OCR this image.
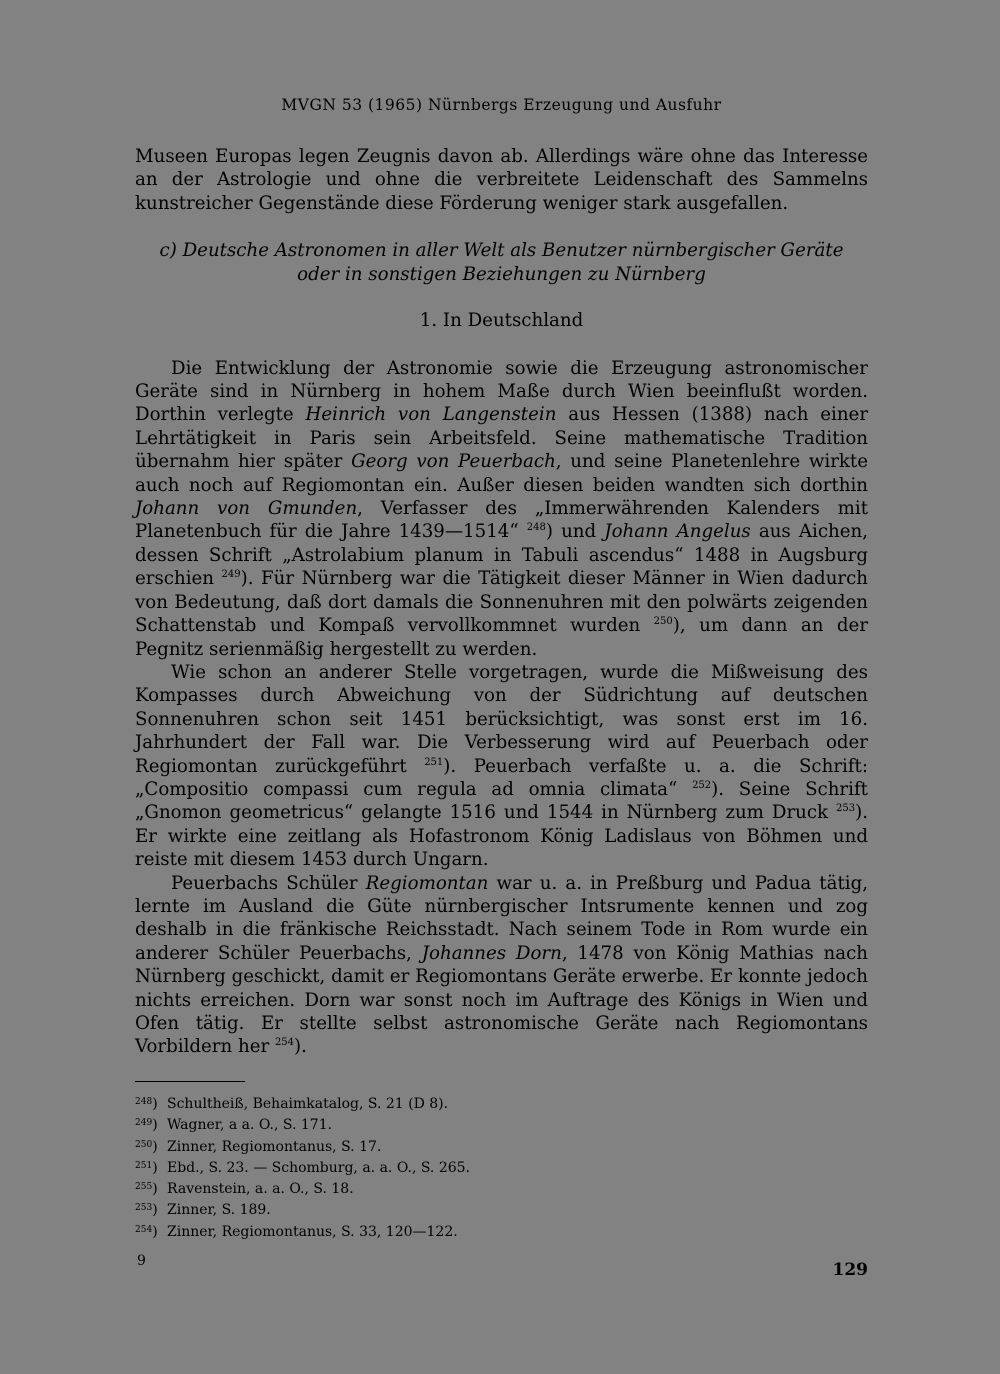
MVGN 53 (1965) Nürnbergs Erzeugung und Ausfuhr

Museen Europas legen Zeugnis davon ab. Allerdings wäre ohne das Interesse an der Astrologie und ohne die verbreitete Leidenschaft des Sammelns kunstreicher Gegenstände diese Förderung weniger stark ausgefallen.

c) Deutsche Astronomen in aller Welt als Benutzer nürnbergischer Geräte
oder in sonstigen Beziehungen zu Nürnberg
1. In Deutschland

Die Entwicklung der Astronomie sowie die Erzeugung astronomischer Geräte sind in Nürnberg in hohem Maße durch Wien beeinflußt worden. Dorthin verlegte Heinrich von Langenstein aus Hessen (1388) nach einer Lehrtätigkeit in Paris sein Arbeitsfeld. Seine mathematische Tradition übernahm hier später Georg von Peuerbach, und seine Planetenlehre wirkte auch noch auf Regiomontan ein. Außer diesen beiden wandten sich dorthin Johann von Gmunden, Verfasser des „Immerwährenden Kalenders mit Planetenbuch für die Jahre 1439—1514“ $^{248}$) und Johann Angelus aus Aichen, dessen Schrift „Astrolabium planum in Tabuli ascendus“ 1488 in Augsburg erschien $^{249}$). Für Nürnberg war die Tätigkeit dieser Männer in Wien dadurch von Bedeutung, daß dort damals die Sonnenuhren mit den polwärts zeigenden Schattenstab und Kompaß vervollkommnet wurden $^{250}$), um dann an der Pegnitz serienmäßig hergestellt zu werden.

Wie schon an anderer Stelle vorgetragen, wurde die Mißweisung des Kompasses durch Abweichung von der Südrichtung auf deutschen Sonnenuhren schon seit 1451 berücksichtigt, was sonst erst im 16. Jahrhundert der Fall war. Die Verbesserung wird auf Peuerbach oder Regiomontan zurückgeführt $^{251}$). Peuerbach verfaßte u. a. die Schrift: „Compositio compassi cum regula ad omnia climata“ $^{252}$). Seine Schrift „Gnomon geometricus“ gelangte 1516 und 1544 in Nürnberg zum Druck $^{253}$). Er wirkte eine zeitlang als Hofastronom König Ladislaus von Böhmen und reiste mit diesem 1453 durch Ungarn.

Peuerbachs Schüler Regiomontan war u. a. in Preßburg und Padua tätig, lernte im Ausland die Güte nürnbergischer Intsrumente kennen und zog deshalb in die fränkische Reichsstadt. Nach seinem Tode in Rom wurde ein anderer Schüler Peuerbachs, Johannes Dorn, 1478 von König Mathias nach Nürnberg geschickt, damit er Regiomontans Geräte erwerbe. Er konnte jedoch nichts erreichen. Dorn war sonst noch im Auftrage des Königs in Wien und Ofen tätig. Er stellte selbst astronomische Geräte nach Regiomontans Vorbildern her $^{254}$).

$^{248}$) Schultheiß, Behaimkatalog, S. 21 (D 8).
$^{249}$) Wagner, a a. O., S. 171.
$^{250}$) Zinner, Regiomontanus, S. 17.
$^{251}$) Ebd., S. 23. — Schomburg, a. a. O., S. 265.
$^{255}$) Ravenstein, a. a. O., S. 18.
$^{253}$) Zinner, S. 189.
$^{254}$) Zinner, Regiomontanus, S. 33, 120—122.
9	129
